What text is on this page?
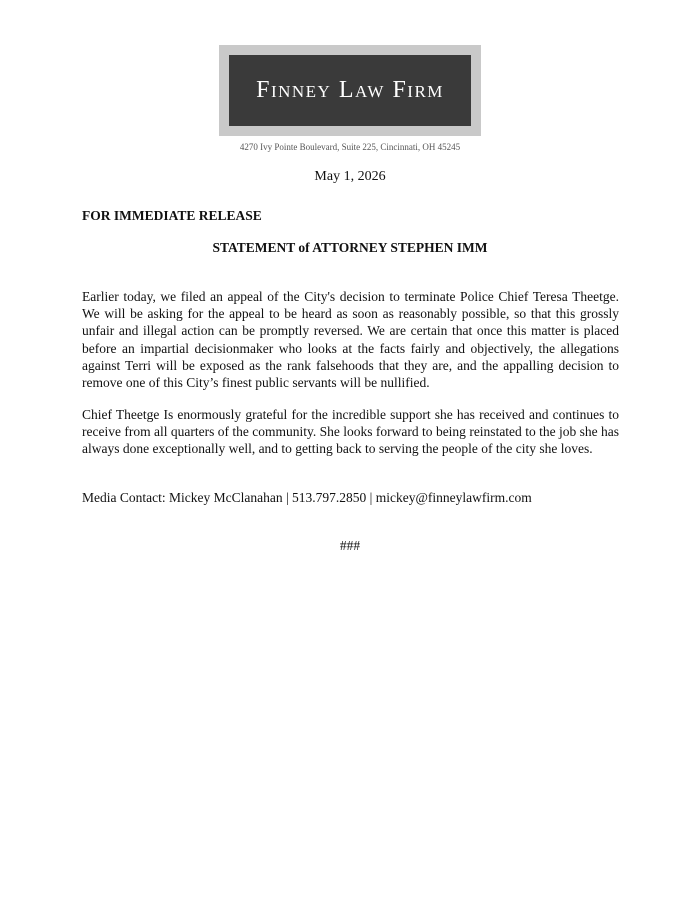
Finney Law Firm
4270 Ivy Pointe Boulevard, Suite 225, Cincinnati, OH 45245
May 1, 2026
FOR IMMEDIATE RELEASE
STATEMENT of ATTORNEY STEPHEN IMM

Earlier today, we filed an appeal of the City's decision to terminate Police Chief Teresa Theetge. We will be asking for the appeal to be heard as soon as reasonably possible, so that this grossly unfair and illegal action can be promptly reversed. We are certain that once this matter is placed before an impartial decisionmaker who looks at the facts fairly and objectively, the allegations against Terri will be exposed as the rank falsehoods that they are, and the appalling decision to remove one of this City’s finest public servants will be nullified.

Chief Theetge Is enormously grateful for the incredible support she has received and continues to receive from all quarters of the community. She looks forward to being reinstated to the job she has always done exceptionally well, and to getting back to serving the people of the city she loves.

Media Contact: Mickey McClanahan | 513.797.2850 | mickey@finneylawfirm.com
###
